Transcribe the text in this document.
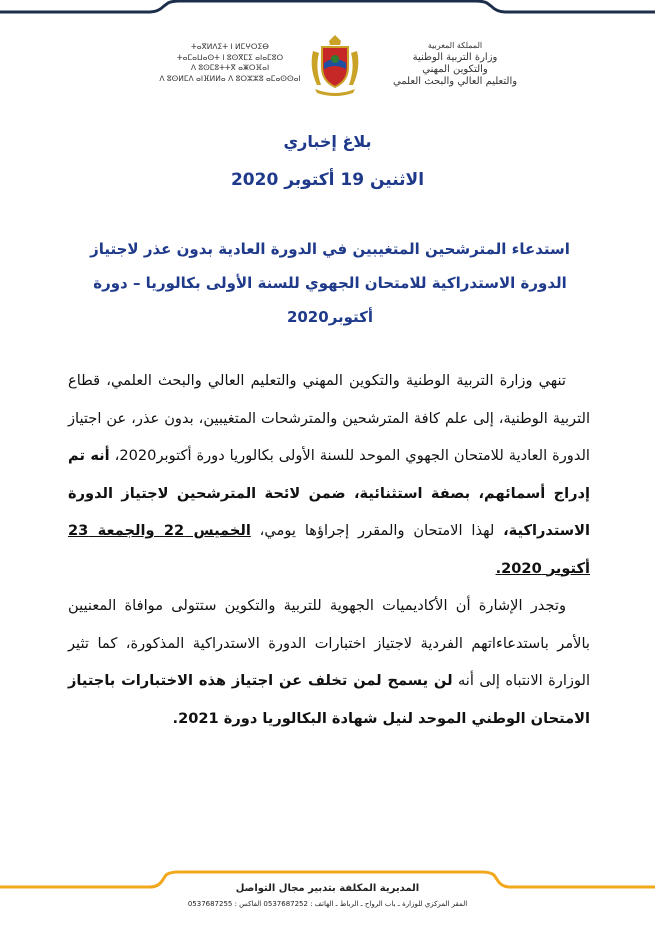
ⵜⴰⴳⵍⴷⵉⵜ ⵏ ⵍⵎⵖⵔⵉⴱ
ⵜⴰⵎⴰⵡⴰⵙⵜ ⵏ ⵓⵙⴳⵎⵉ ⴰⵏⴰⵎⵓⵔ
ⴷ ⵓⵙⵎⵓⵜⵜⴳ ⴰⵥⵔⴼⴰⵏ
ⴷ ⵓⵙⵍⵎⴷ ⴰⵏⴼⵍⵍⴰ ⴷ ⵓⵔⵣⵣⵓ ⴰⵎⴰⵙⵙⴰⵏ
المملكة المغربية
وزارة التربية الوطنية
والتكوين المهني
والتعليم العالي والبحث العلمي
بلاغ إخباري
الاثنين 19 أكتوبر 2020
استدعاء المترشحين المتغيبين في الدورة العادية بدون عذر لاجتياز الدورة الاستدراكية للامتحان الجهوي للسنة الأولى بكالوريا – دورة أكتوبر2020

تنهي وزارة التربية الوطنية والتكوين المهني والتعليم العالي والبحث العلمي، قطاع التربية الوطنية، إلى علم كافة المترشحين والمترشحات المتغيبين، بدون عذر، عن اجتياز الدورة العادية للامتحان الجهوي الموحد للسنة الأولى بكالوريا دورة أكتوبر2020، أنه تم إدراج أسمائهم، بصفة استثنائية، ضمن لائحة المترشحين لاجتياز الدورة الاستدراكية، لهذا الامتحان والمقرر إجراؤها يومي، الخميس 22 والجمعة 23 أكتوبر 2020.

وتجدر الإشارة أن الأكاديميات الجهوية للتربية والتكوين ستتولى موافاة المعنيين بالأمر باستدعاءاتهم الفردية لاجتياز اختبارات الدورة الاستدراكية المذكورة، كما تثير الوزارة الانتباه إلى أنه لن يسمح لمن تخلف عن اجتياز هذه الاختبارات باجتياز الامتحان الوطني الموحد لنيل شهادة البكالوريا دورة 2021.

المديرية المكلفة بتدبير مجال التواصل
المقر المركزي للوزارة ـ باب الرواح ـ الرباط ـ الهاتف : 0537687252 الفاكس : 0537687255
